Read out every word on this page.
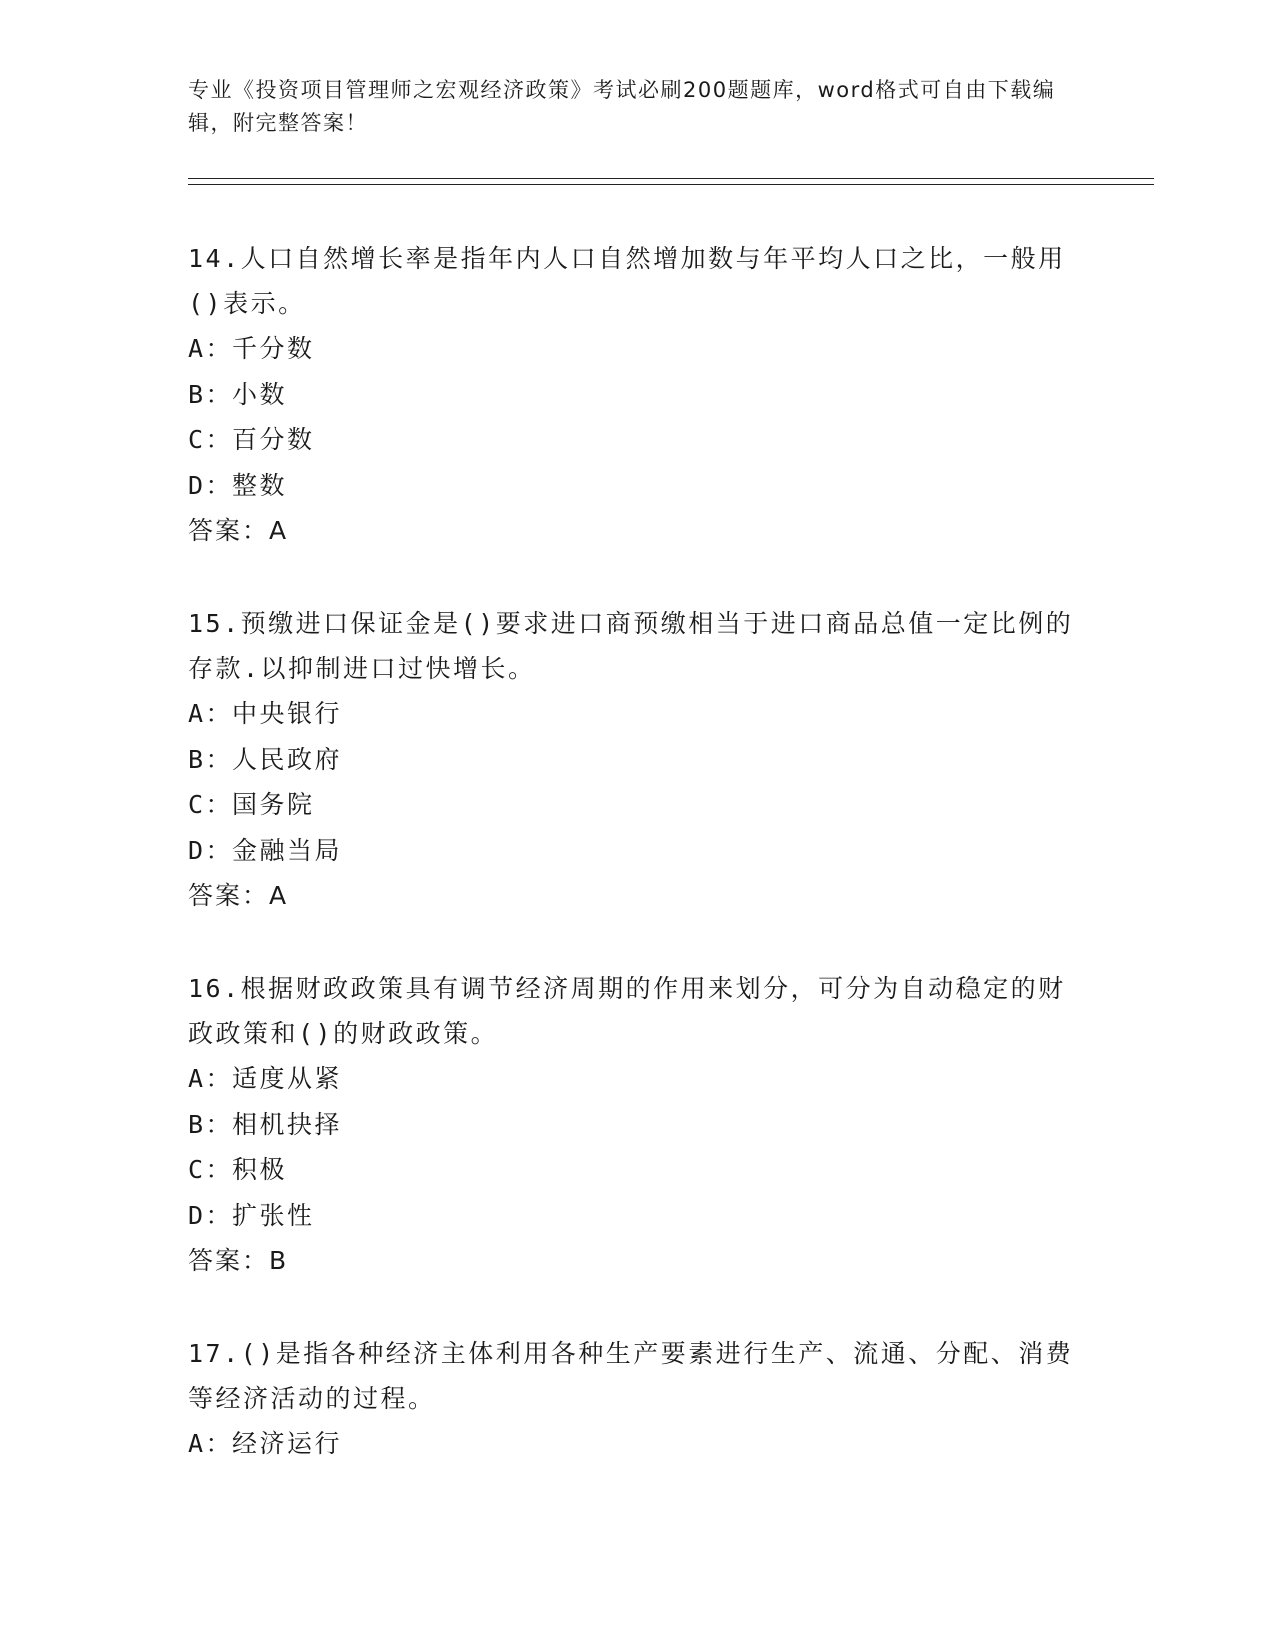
专业《投资项目管理师之宏观经济政策》考试必刷200题题库，word格式可自由下载编辑，附完整答案！

14.人口自然增长率是指年内人口自然增加数与年平均人口之比，一般用()表示。

A：千分数
B：小数
C：百分数
D：整数
答案：A

15.预缴进口保证金是()要求进口商预缴相当于进口商品总值一定比例的存款.以抑制进口过快增长。

A：中央银行
B：人民政府
C：国务院
D：金融当局
答案：A

16.根据财政政策具有调节经济周期的作用来划分，可分为自动稳定的财政政策和()的财政政策。

A：适度从紧
B：相机抉择
C：积极
D：扩张性
答案：B

17.()是指各种经济主体利用各种生产要素进行生产、流通、分配、消费等经济活动的过程。

A：经济运行
